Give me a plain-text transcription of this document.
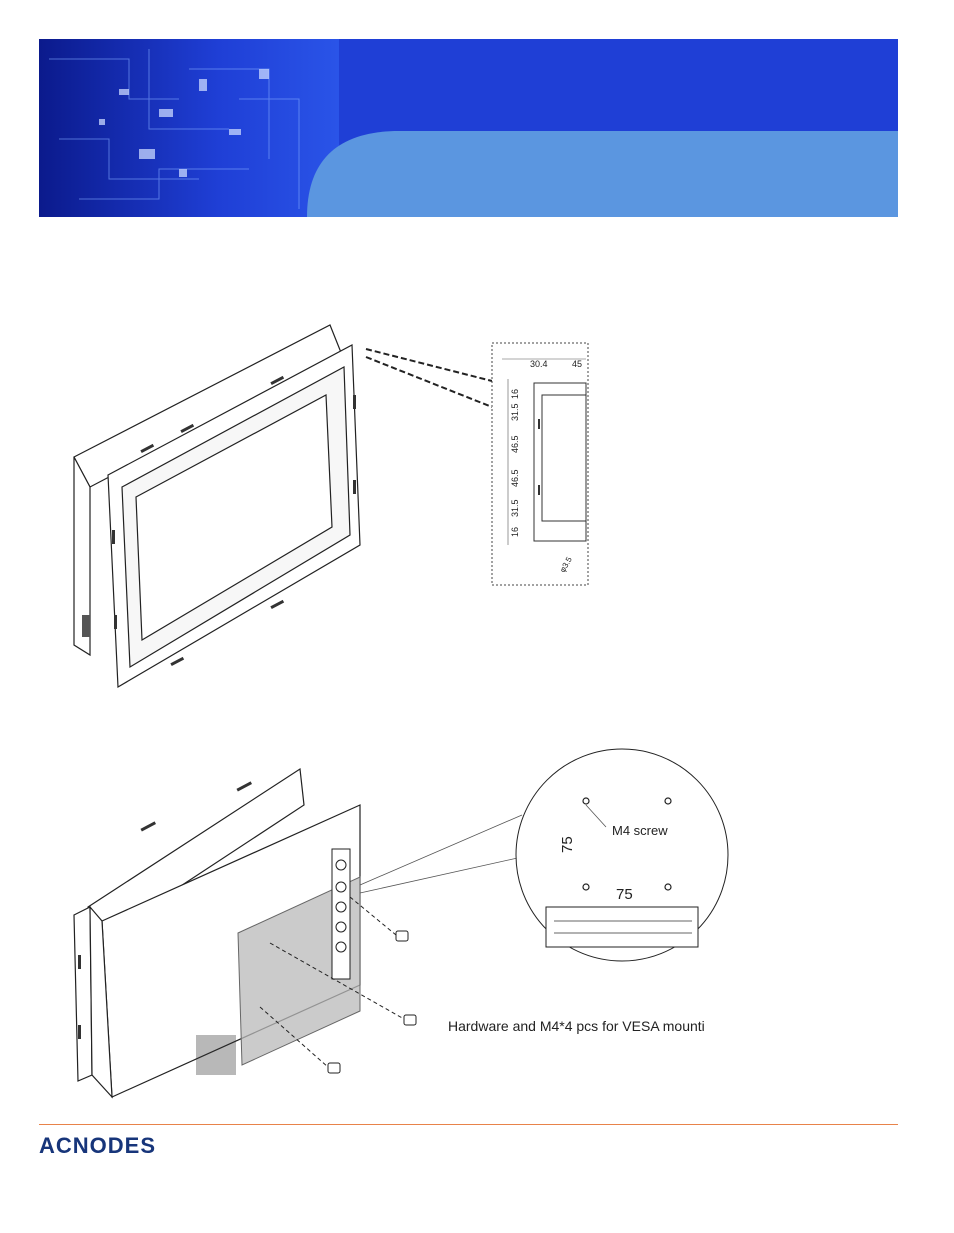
30.4	45
16
31.5
46.5
46.5
31.5
16
φ3.5
M4 screw
75
75
Hardware and M4*4 pcs for VESA mounti
ACNODES
